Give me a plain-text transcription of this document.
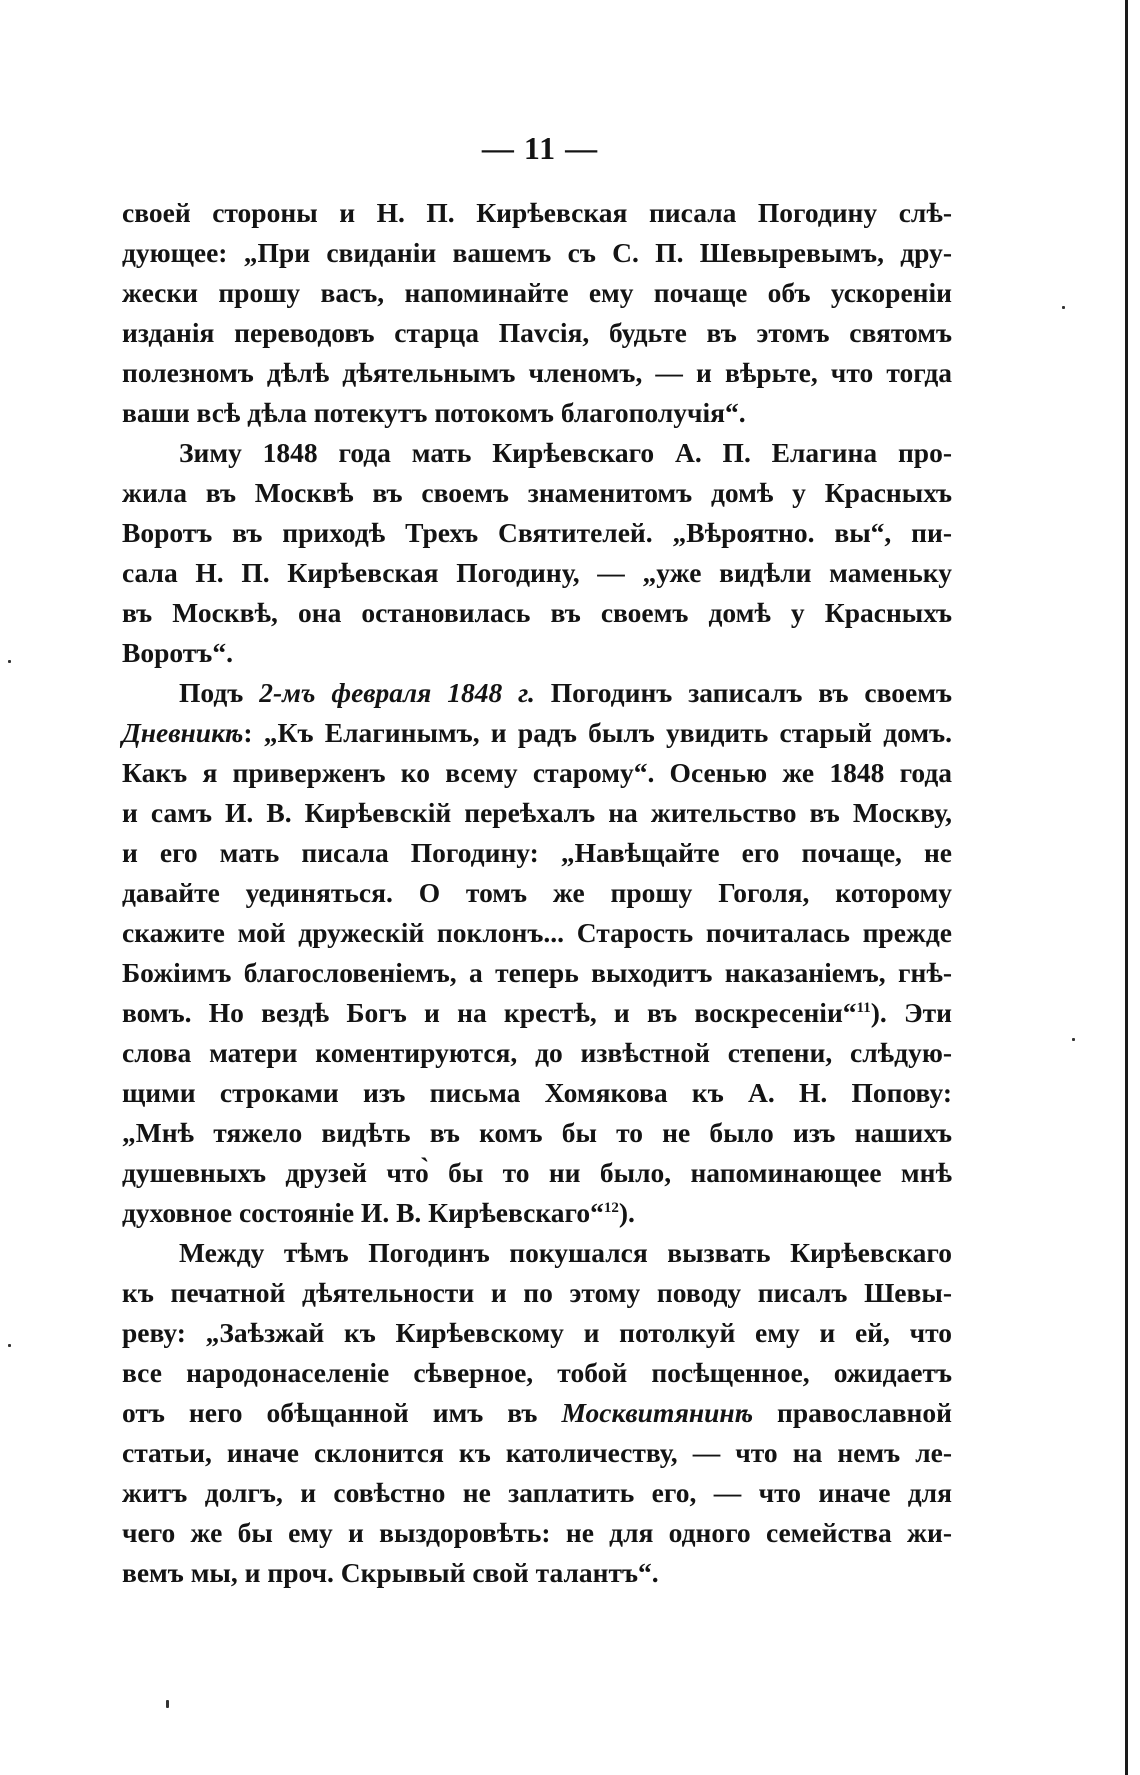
— 11 —
своей стороны и Н. П. Кирѣевская писала Погодину слѣ-
дующее: „При свиданіи вашемъ съ С. П. Шевыревымъ, дру-
жески прошу васъ, напоминайте ему почаще объ ускореніи
изданія переводовъ старца Паvсія, будьте въ этомъ святомъ
полезномъ дѣлѣ дѣятельнымъ членомъ, — и вѣрьте, что тогда
ваши всѣ дѣла потекутъ потокомъ благополучія“.
Зиму 1848 года мать Кирѣевскаго А. П. Елагина про-
жила въ Москвѣ въ своемъ знаменитомъ домѣ у Красныхъ
Воротъ въ приходѣ Трехъ Святителей. „Вѣроятно. вы“, пи-
сала Н. П. Кирѣевская Погодину, — „уже видѣли маменьку
въ Москвѣ, она остановилась въ своемъ домѣ у Красныхъ
Воротъ“.
Подъ 2-мъ февраля 1848 г. Погодинъ записалъ въ своемъ
Дневникѣ: „Къ Елагинымъ, и радъ былъ увидить старый домъ.
Какъ я приверженъ ко всему старому“. Осенью же 1848 года
и самъ И. В. Кирѣевскій переѣхалъ на жительство въ Москву,
и его мать писала Погодину: „Навѣщайте его почаще, не
давайте уединяться. О томъ же прошу Гоголя, которому
скажите мой дружескій поклонъ... Старость почиталась прежде
Божіимъ благословеніемъ, а теперь выходитъ наказаніемъ, гнѣ-
вомъ. Но вездѣ Богъ и на крестѣ, и въ воскресеніи“$^{11}$). Эти
слова матери коментируются, до извѣстной степени, слѣдую-
щими строками изъ письма Хомякова къ А. Н. Попову:
„Мнѣ тяжело видѣть въ комъ бы то не было изъ нашихъ
душевныхъ друзей что̀ бы то ни было, напоминающее мнѣ
духовное состояніе И. В. Кирѣевскаго“$^{12}$).
Между тѣмъ Погодинъ покушался вызвать Кирѣевскаго
къ печатной дѣятельности и по этому поводу писалъ Шевы-
реву: „Заѣзжай къ Кирѣевскому и потолкуй ему и ей, что
все народонаселеніе сѣверное, тобой посѣщенное, ожидаетъ
отъ него обѣщанной имъ въ Москвитянинѣ православной
статьи, иначе склонится къ католичеству, — что на немъ ле-
житъ долгъ, и совѣстно не заплатить его, — что иначе для
чего же бы ему и выздоровѣть: не для одного семейства жи-
вемъ мы, и проч. Скрывый свой талантъ“.
